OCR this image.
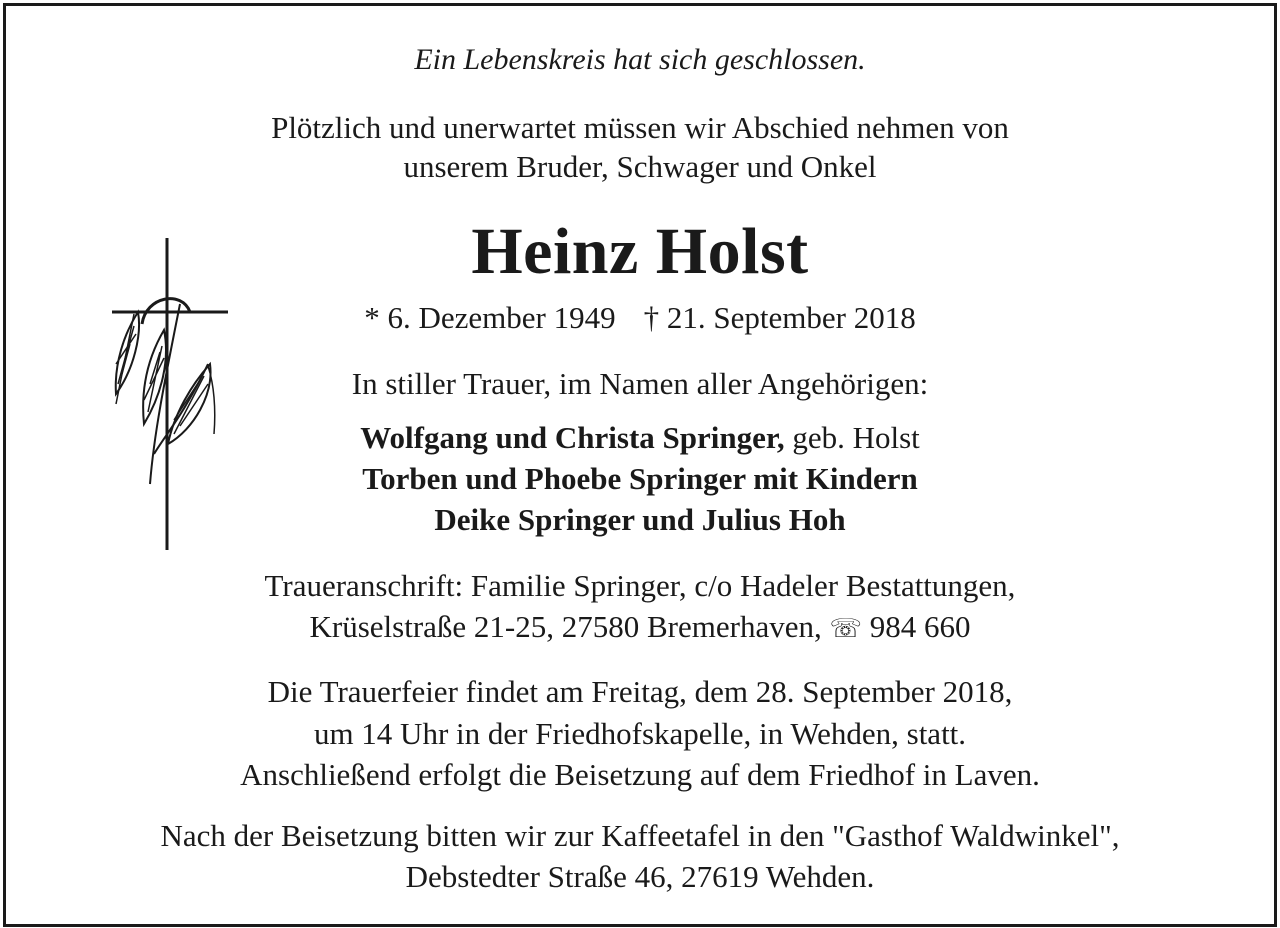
Ein Lebenskreis hat sich geschlossen.
Plötzlich und unerwartet müssen wir Abschied nehmen von
unserem Bruder, Schwager und Onkel
Heinz Holst
* 6. Dezember 1949 † 21. September 2018
In stiller Trauer, im Namen aller Angehörigen:
Wolfgang und Christa Springer, geb. Holst
Torben und Phoebe Springer mit Kindern
Deike Springer und Julius Hoh
Traueranschrift: Familie Springer, c/o Hadeler Bestattungen,
Krüselstraße 21-25, 27580 Bremerhaven, ☏ 984 660
Die Trauerfeier findet am Freitag, dem 28. September 2018,
um 14 Uhr in der Friedhofskapelle, in Wehden, statt.
Anschließend erfolgt die Beisetzung auf dem Friedhof in Laven.
Nach der Beisetzung bitten wir zur Kaffeetafel in den "Gasthof Waldwinkel",
Debstedter Straße 46, 27619 Wehden.
